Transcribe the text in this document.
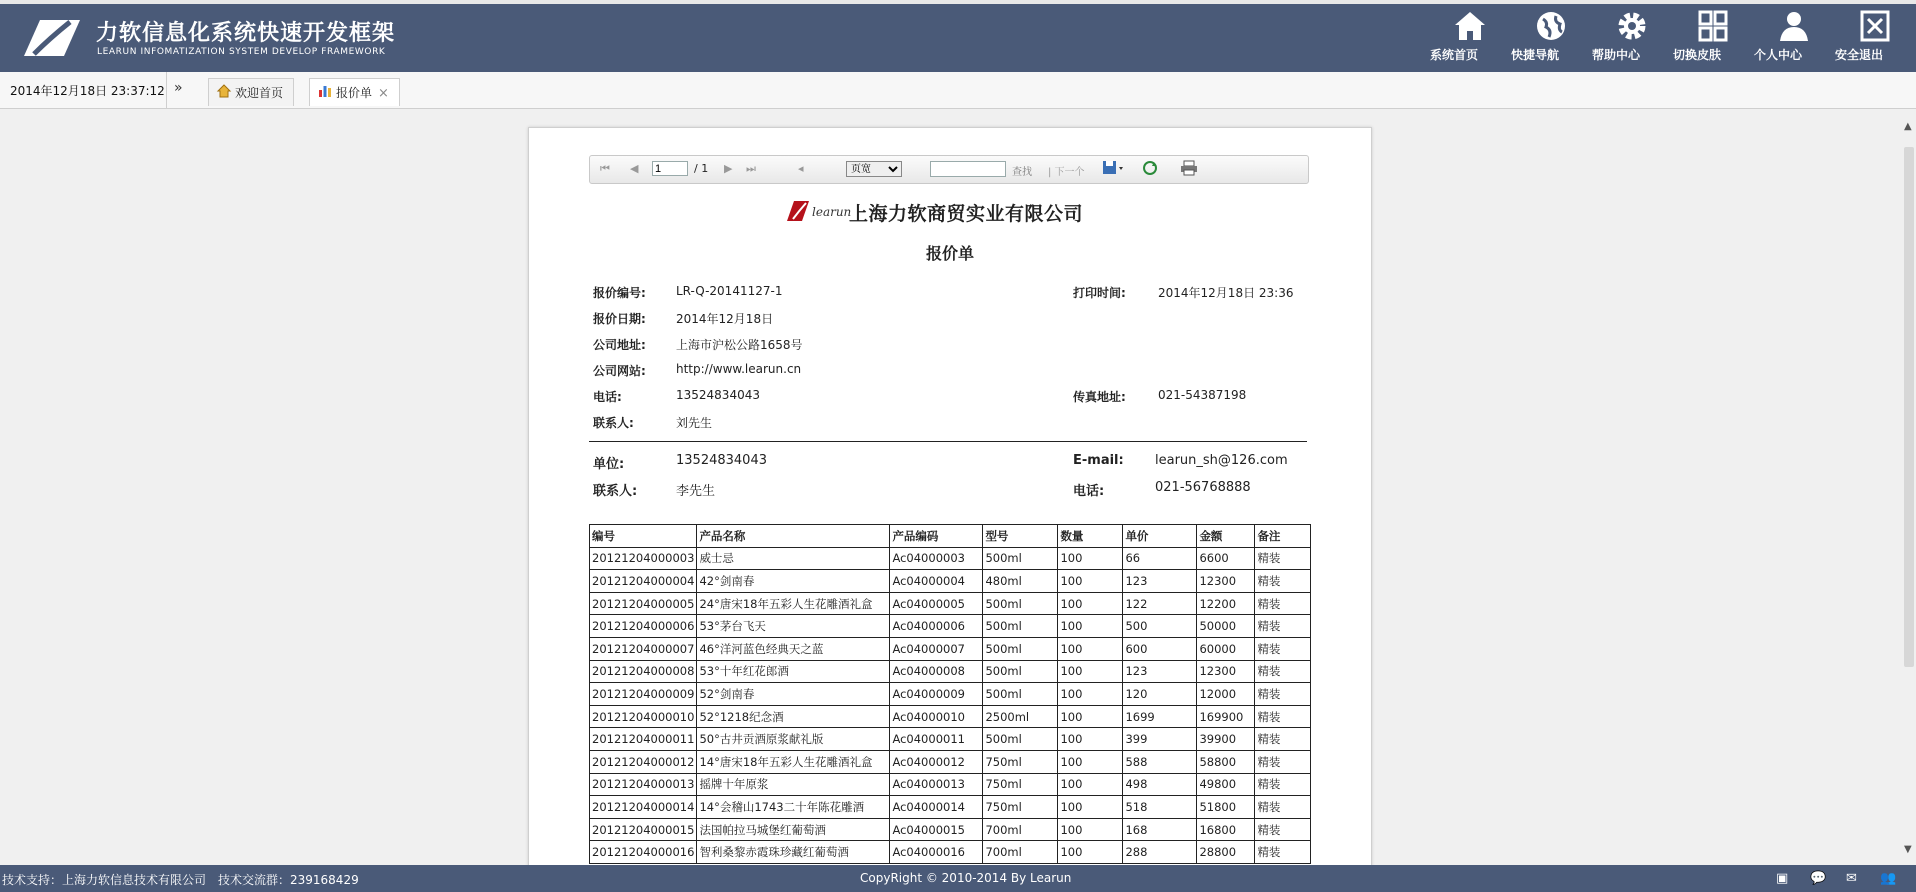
力软信息化系统快速开发框架
LEARUN INFOMATIZATION SYSTEM DEVELOP FRAMEWORK	系统首页	快捷导航	帮助中心	切换皮肤	个人中心	安全退出
2014年12月18日 23:37:12 »	欢迎首页	报价单 ×
⏮ ◀
1	/ 1 ▶ ⏭	◂
页宽	查找 | 下一个
learun
上海力软商贸实业有限公司
报价单
报价编号:	LR-Q-20141127-1	打印时间:	2014年12月18日 23:36
报价日期:	2014年12月18日
公司地址:	上海市沪松公路1658号
公司网站:	http://www.learun.cn
电话:	13524834043	传真地址:	021-54387198
联系人:	刘先生
单位:	13524834043	E-mail: learun_sh@126.com
联系人:	李先生	电话:	021-56768888
编号	产品名称	产品编码	型号	数量	单价	金额	备注
20121204000003	威士忌	Ac04000003	500ml	100	66	6600	精装
20121204000004	42°剑南春	Ac04000004	480ml	100	123	12300	精装
20121204000005	24°唐宋18年五彩人生花雕酒礼盒	Ac04000005	500ml	100	122	12200	精装
20121204000006	53°茅台飞天	Ac04000006	500ml	100	500	50000	精装
20121204000007	46°洋河蓝色经典天之蓝	Ac04000007	500ml	100	600	60000	精装
20121204000008	53°十年红花郎酒	Ac04000008	500ml	100	123	12300	精装
20121204000009	52°剑南春	Ac04000009	500ml	100	120	12000	精装
20121204000010	52°1218纪念酒	Ac04000010	2500ml	100	1699	169900	精装
20121204000011	50°古井贡酒原浆献礼版	Ac04000011	500ml	100	399	39900	精装
20121204000012	14°唐宋18年五彩人生花雕酒礼盒	Ac04000012	750ml	100	588	58800	精装
20121204000013	摇牌十年原浆	Ac04000013	750ml	100	498	49800	精装
20121204000014	14°会稽山1743二十年陈花雕酒	Ac04000014	750ml	100	518	51800	精装
20121204000015	法国帕拉马城堡红葡萄酒	Ac04000015	700ml	100	168	16800	精装
20121204000016	智利桑黎赤霞珠珍藏红葡萄酒	Ac04000016	700ml	100	288	28800	精装
▲
▼
技术支持：上海力软信息技术有限公司　技术交流群：239168429	CopyRight © 2010-2014 By Learun	▣ 💬 ✉ 👥
